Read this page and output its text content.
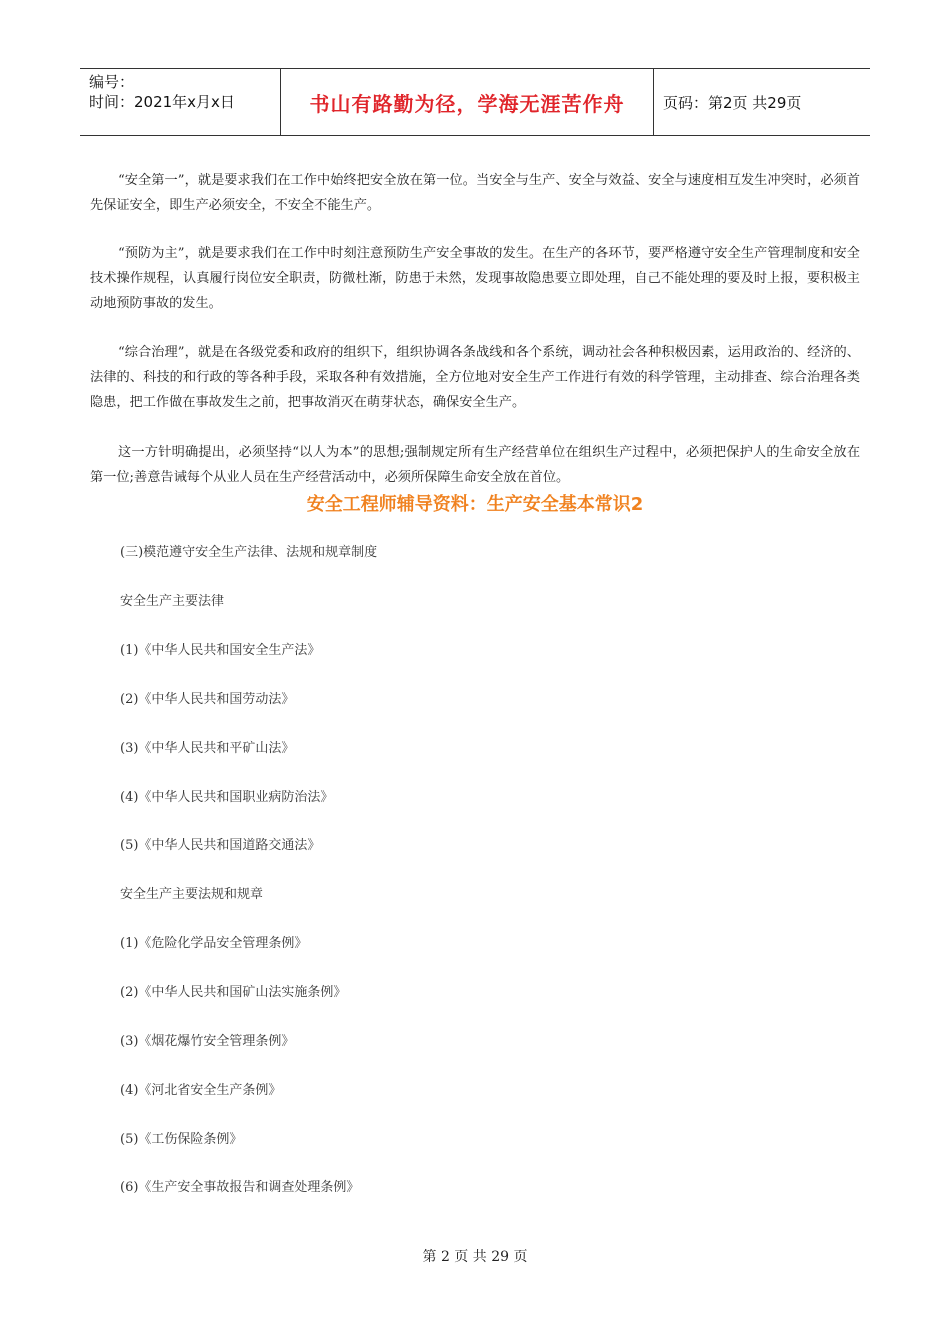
编号：
时间：2021年x月x日	书山有路勤为径，学海无涯苦作舟	页码：第2页 共29页

“安全第一”，就是要求我们在工作中始终把安全放在第一位。当安全与生产、安全与效益、安全与速度相互发生冲突时，必须首先保证安全，即生产必须安全，不安全不能生产。

“预防为主”，就是要求我们在工作中时刻注意预防生产安全事故的发生。在生产的各环节，要严格遵守安全生产管理制度和安全技术操作规程，认真履行岗位安全职责，防微杜渐，防患于未然，发现事故隐患要立即处理，自己不能处理的要及时上报，要积极主动地预防事故的发生。

“综合治理”，就是在各级党委和政府的组织下，组织协调各条战线和各个系统，调动社会各种积极因素，运用政治的、经济的、法律的、科技的和行政的等各种手段，采取各种有效措施，全方位地对安全生产工作进行有效的科学管理，主动排查、综合治理各类隐患，把工作做在事故发生之前，把事故消灭在萌芽状态，确保安全生产。

这一方针明确提出，必须坚持“以人为本”的思想;强制规定所有生产经营单位在组织生产过程中，必须把保护人的生命安全放在第一位;善意告诫每个从业人员在生产经营活动中，必须所保障生命安全放在首位。

安全工程师辅导资料：生产安全基本常识2

(三)模范遵守安全生产法律、法规和规章制度

安全生产主要法律

(1)《中华人民共和国安全生产法》

(2)《中华人民共和国劳动法》

(3)《中华人民共和平矿山法》

(4)《中华人民共和国职业病防治法》

(5)《中华人民共和国道路交通法》

安全生产主要法规和规章

(1)《危险化学品安全管理条例》

(2)《中华人民共和国矿山法实施条例》

(3)《烟花爆竹安全管理条例》

(4)《河北省安全生产条例》

(5)《工伤保险条例》

(6)《生产安全事故报告和调查处理条例》

第 2 页 共 29 页
